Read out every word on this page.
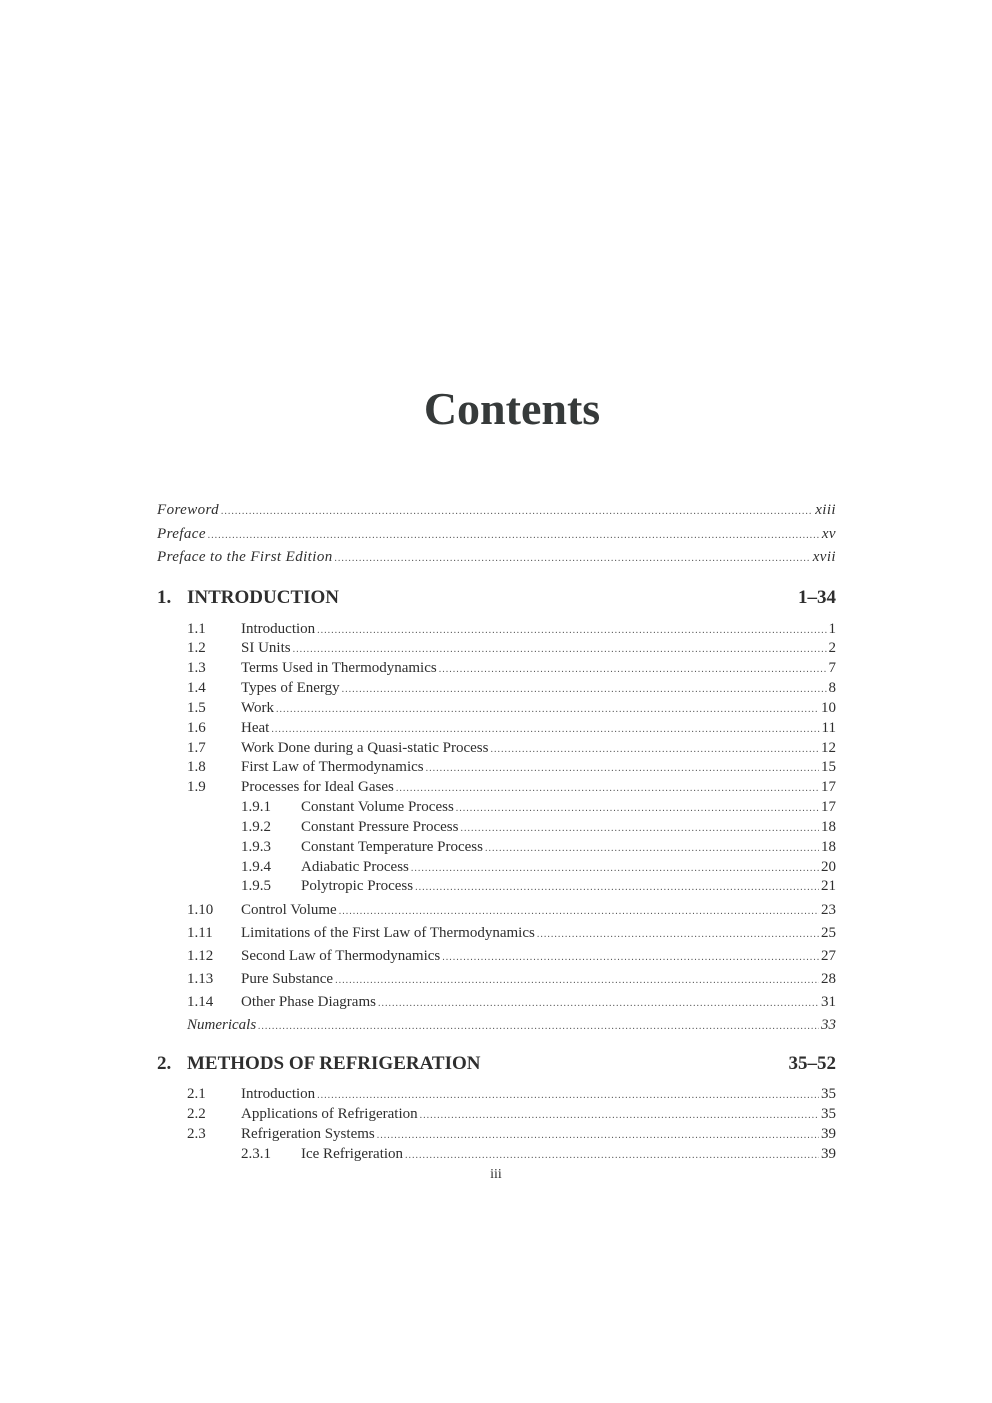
Contents
Foreword .....	xiii
Preface .....	xv
Preface to the First Edition .....	xvii
1. INTRODUCTION	1–34
1.1	Introduction .....	1
1.2	SI Units .....	2
1.3	Terms Used in Thermodynamics .....	7
1.4	Types of Energy .....	8
1.5	Work .....	10
1.6	Heat .....	11
1.7	Work Done during a Quasi-static Process .....	12
1.8	First Law of Thermodynamics .....	15
1.9	Processes for Ideal Gases .....	17
1.9.1	Constant Volume Process .....	17
1.9.2	Constant Pressure Process .....	18
1.9.3	Constant Temperature Process .....	18
1.9.4	Adiabatic Process .....	20
1.9.5	Polytropic Process .....	21
1.10	Control Volume .....	23
1.11	Limitations of the First Law of Thermodynamics .....	25
1.12	Second Law of Thermodynamics .....	27
1.13	Pure Substance .....	28
1.14	Other Phase Diagrams .....	31
Numericals .....	33
2. METHODS OF REFRIGERATION	35–52
2.1	Introduction .....	35
2.2	Applications of Refrigeration .....	35
2.3	Refrigeration Systems .....	39
2.3.1	Ice Refrigeration .....	39
iii
